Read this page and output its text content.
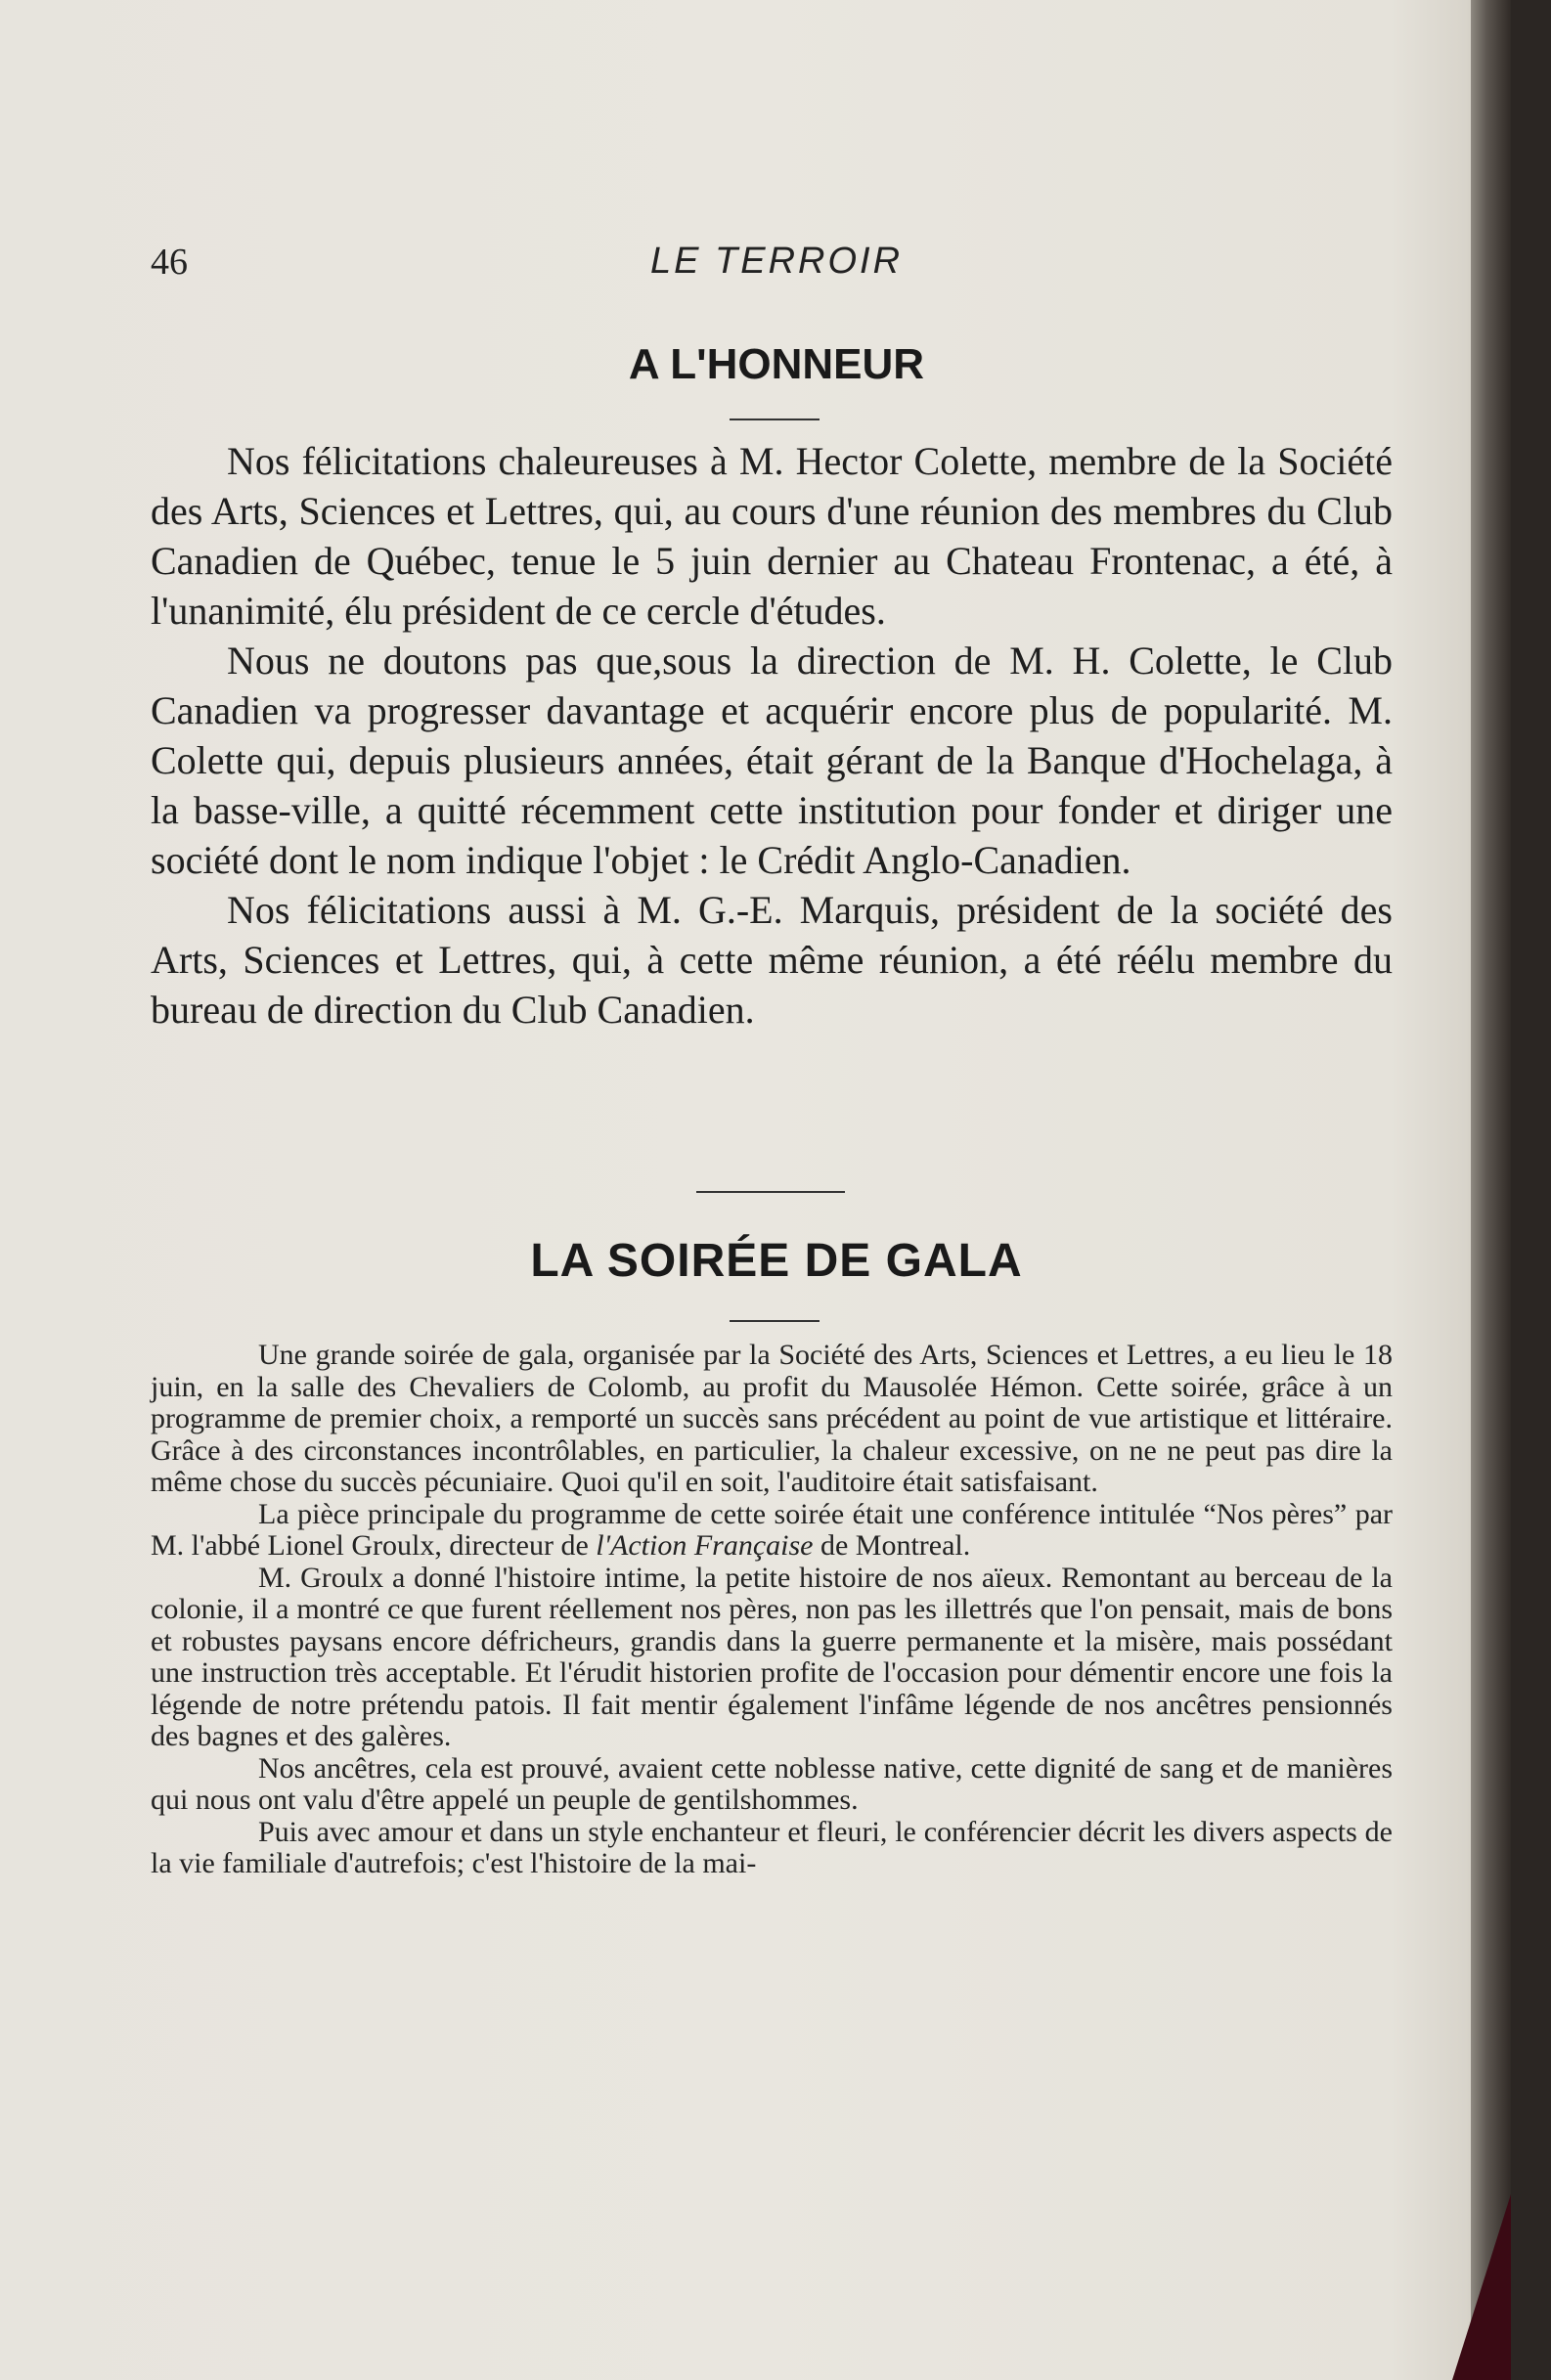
46	LE TERROIR
A L'HONNEUR

Nos félicitations chaleureuses à M. Hector Colette, membre de la Société des Arts, Sciences et Lettres, qui, au cours d'une réunion des membres du Club Canadien de Québec, tenue le 5 juin dernier au Chateau Frontenac, a été, à l'unanimité, élu président de ce cercle d'études.

Nous ne doutons pas que,sous la direction de M. H. Colette, le Club Canadien va progresser davantage et acquérir encore plus de popularité. M. Colette qui, depuis plusieurs années, était gérant de la Banque d'Hochelaga, à la basse-ville, a quitté récemment cette institution pour fonder et diriger une société dont le nom indique l'objet : le Crédit Anglo-Canadien.

Nos félicitations aussi à M. G.-E. Marquis, président de la société des Arts, Sciences et Lettres, qui, à cette même réunion, a été réélu membre du bureau de direction du Club Canadien.

LA SOIRÉE DE GALA

Une grande soirée de gala, organisée par la Société des Arts, Sciences et Lettres, a eu lieu le 18 juin, en la salle des Chevaliers de Colomb, au profit du Mausolée Hémon. Cette soirée, grâce à un programme de premier choix, a remporté un succès sans précédent au point de vue artistique et littéraire. Grâce à des circonstances incontrôlables, en particulier, la chaleur excessive, on ne ne peut pas dire la même chose du succès pécuniaire. Quoi qu'il en soit, l'auditoire était satisfaisant.

La pièce principale du programme de cette soirée était une conférence intitulée “Nos pères” par M. l'abbé Lionel Groulx, directeur de l'Action Française de Montreal.

M. Groulx a donné l'histoire intime, la petite histoire de nos aïeux. Remontant au berceau de la colonie, il a montré ce que furent réellement nos pères, non pas les illettrés que l'on pensait, mais de bons et robustes paysans encore défricheurs, grandis dans la guerre permanente et la misère, mais possédant une instruction très acceptable. Et l'érudit historien profite de l'occasion pour démentir encore une fois la légende de notre prétendu patois. Il fait mentir également l'infâme légende de nos ancêtres pensionnés des bagnes et des galères.

Nos ancêtres, cela est prouvé, avaient cette noblesse native, cette dignité de sang et de manières qui nous ont valu d'être appelé un peuple de gentilshommes.

Puis avec amour et dans un style enchanteur et fleuri, le conférencier décrit les divers aspects de la vie familiale d'autrefois; c'est l'histoire de la mai-
